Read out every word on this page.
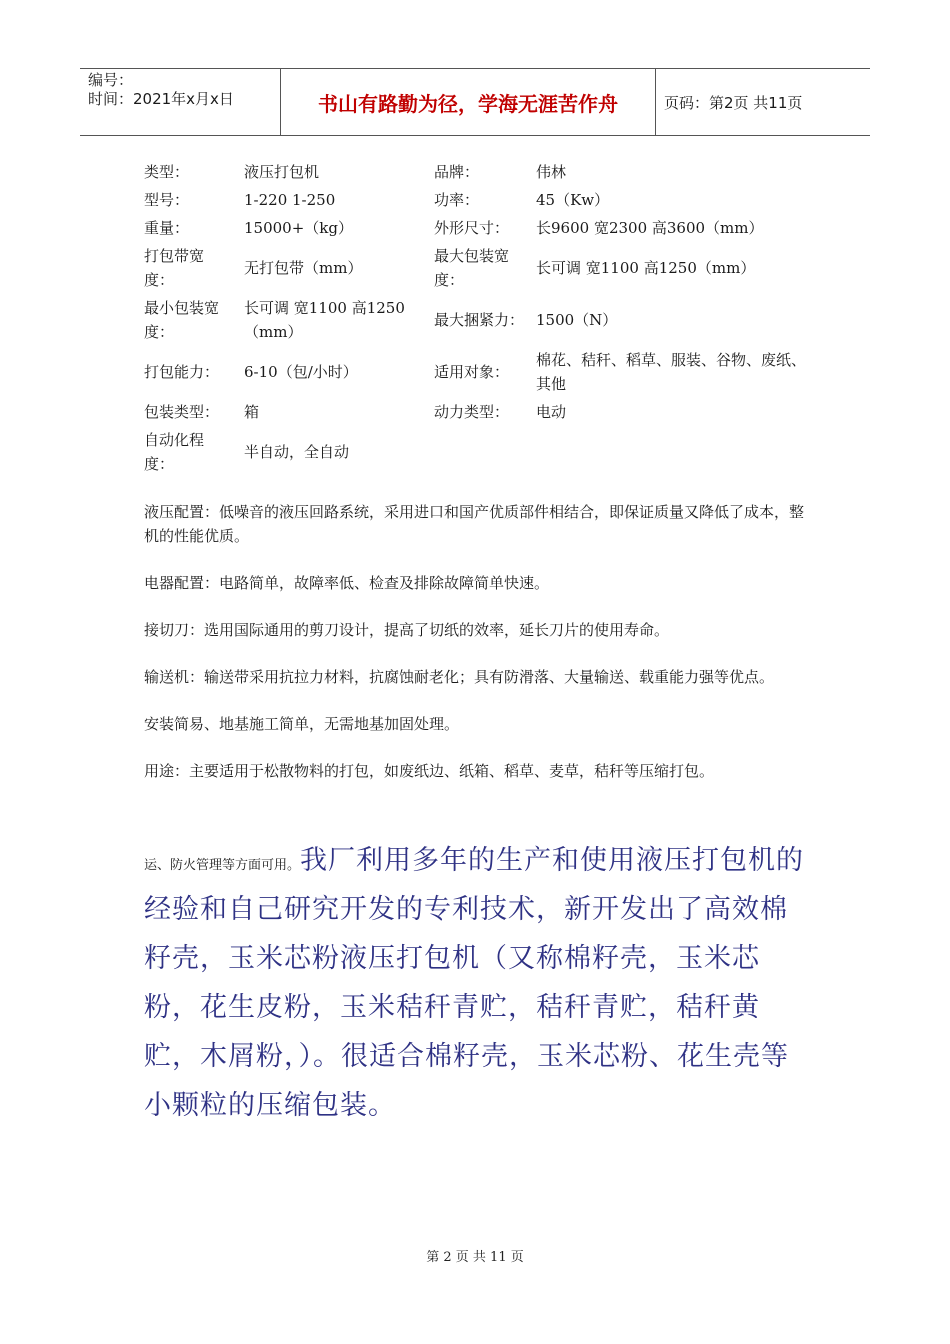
编号：
时间：2021年x月x日	书山有路勤为径，学海无涯苦作舟	页码：第2页 共11页
类型：	液压打包机	品牌：	伟林
型号：	1-220 1-250	功率：	45（Kw）
重量：	15000+（kg）	外形尺寸：	长9600 宽2300 高3600（mm）
打包带宽度：	无打包带（mm）	最大包装宽度：	长可调 宽1100 高1250（mm）
最小包装宽度：	长可调 宽1100 高1250（mm）	最大捆紧力：	1500（N）
打包能力：	6-10（包/小时）	适用对象：	棉花、秸秆、稻草、服装、谷物、废纸、其他
包装类型：	箱	动力类型：	电动
自动化程度：	半自动，全自动		

液压配置：低噪音的液压回路系统，采用进口和国产优质部件相结合，即保证质量又降低了成本，整机的性能优质。

电器配置：电路简单，故障率低、检查及排除故障简单快速。

接切刀：选用国际通用的剪刀设计，提高了切纸的效率，延长刀片的使用寿命。

输送机：输送带采用抗拉力材料，抗腐蚀耐老化；具有防滑落、大量输送、载重能力强等优点。

安装简易、地基施工简单，无需地基加固处理。

用途：主要适用于松散物料的打包，如废纸边、纸箱、稻草、麦草，秸秆等压缩打包。

运、防火管理等方面可用。我厂利用多年的生产和使用液压打包机的经验和自己研究开发的专利技术，新开发出了高效棉籽壳，玉米芯粉液压打包机（又称棉籽壳，玉米芯粉，花生皮粉，玉米秸秆青贮，秸秆青贮，秸秆黄贮，木屑粉，）。很适合棉籽壳，玉米芯粉、花生壳等小颗粒的压缩包装。
第 2 页 共 11 页
